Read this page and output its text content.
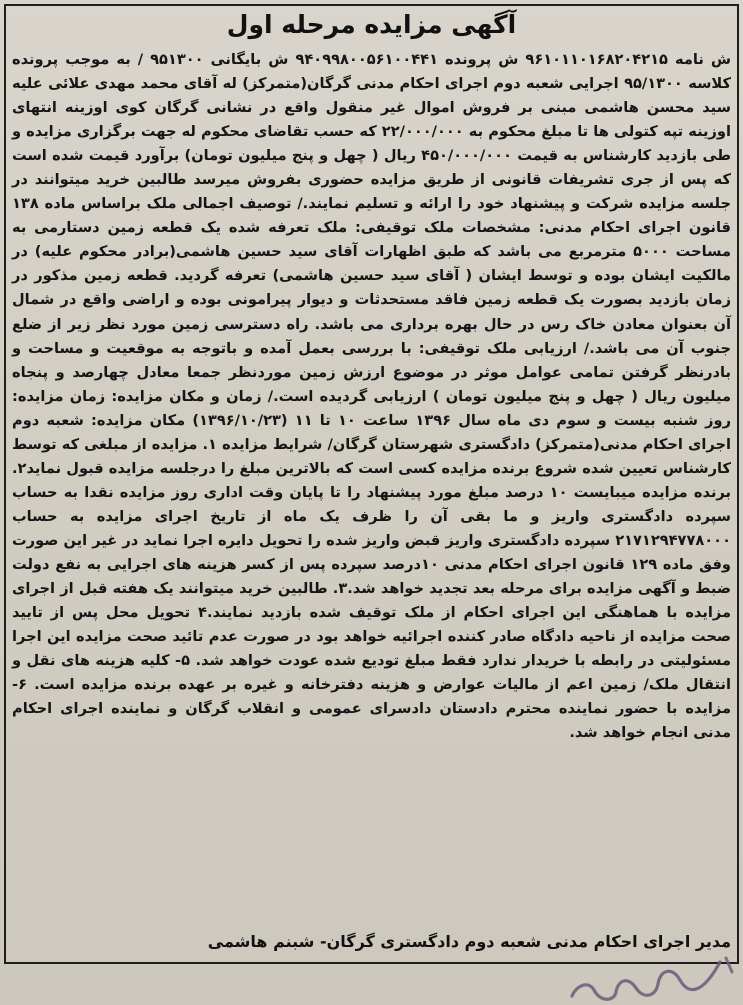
آگهی مزایده مرحله اول

ش نامه ۹۶۱۰۱۱۰۱۶۸۲۰۴۲۱۵ ش پرونده ۹۴۰۹۹۸۰۰۵۶۱۰۰۴۴۱ ش بایگانی ۹۵۱۳۰۰ / به موجب پرونده کلاسه ۹۵/۱۳۰۰ اجرایی شعبه دوم اجرای احکام مدنی گرگان(متمرکز) له آقای محمد مهدی علائی علیه سید محسن هاشمی مبنی بر فروش اموال غیر منقول واقع در نشانی گرگان کوی اوزینه انتهای اوزینه تپه کتولی ها تا مبلغ محکوم به ۲۲/۰۰۰/۰۰۰ که حسب تقاضای محکوم له جهت برگزاری مزایده و طی بازدید کارشناس به قیمت ۴۵۰/۰۰۰/۰۰۰ ریال ( چهل و پنج میلیون تومان) برآورد قیمت شده است که پس از جری تشریفات قانونی از طریق مزایده حضوری بفروش میرسد طالبین خرید میتوانند در جلسه مزایده شرکت و پیشنهاد خود را ارائه و تسلیم نمایند./ توصیف اجمالی ملک براساس ماده ۱۳۸ قانون اجرای احکام مدنی: مشخصات ملک توقیفی: ملک تعرفه شده یک قطعه زمین دستارمی به مساحت ۵۰۰۰ مترمربع می باشد که طبق اظهارات آقای سید حسین هاشمی(برادر محکوم علیه) در مالکیت ایشان بوده و توسط ایشان ( آقای سید حسین هاشمی) تعرفه گردید. قطعه زمین مذکور در زمان بازدید بصورت یک قطعه زمین فاقد مستحدثات و دیوار پیرامونی بوده و اراضی واقع در شمال آن بعنوان معادن خاک رس در حال بهره برداری می باشد. راه دسترسی زمین مورد نظر زیر از ضلع جنوب آن می باشد./ ارزیابی ملک توقیفی: با بررسی بعمل آمده و باتوجه به موقعیت و مساحت و بادرنظر گرفتن تمامی عوامل موثر در موضوع ارزش زمین موردنظر جمعا معادل چهارصد و پنجاه میلیون ریال ( چهل و پنج میلیون تومان ) ارزیابی گردیده است./ زمان و مکان مزایده: زمان مزایده: روز شنبه بیست و سوم دی ماه سال ۱۳۹۶ ساعت ۱۰ تا ۱۱ (۱۳۹۶/۱۰/۲۳) مکان مزایده: شعبه دوم اجرای احکام مدنی(متمرکز) دادگستری شهرستان گرگان/ شرایط مزایده ۱. مزایده از مبلغی که توسط کارشناس تعیین شده شروع برنده مزایده کسی است که بالاترین مبلغ را درجلسه مزایده قبول نماید۲. برنده مزایده میبایست ۱۰ درصد مبلغ مورد پیشنهاد را تا پایان وقت اداری روز مزایده نقدا به حساب سپرده دادگستری واریز و ما بقی آن را ظرف یک ماه از تاریخ اجرای مزایده به حساب ۲۱۷۱۲۹۴۷۷۸۰۰۰ سپرده دادگستری واریز قبض واریز شده را تحویل دایره اجرا نماید در غیر این صورت وفق ماده ۱۲۹ قانون اجرای احکام مدنی ۱۰درصد سپرده پس از کسر هزینه های اجرایی به نفع دولت ضبط و آگهی مزایده برای مرحله بعد تجدید خواهد شد.۳. طالبین خرید میتوانند یک هفته قبل از اجرای مزایده با هماهنگی این اجرای احکام از ملک توقیف شده بازدید نمایند.۴ تحویل محل پس از تایید صحت مزایده از ناحیه دادگاه صادر کننده اجرائیه خواهد بود در صورت عدم تائید صحت مزایده این اجرا مسئولیتی در رابطه با خریدار ندارد فقط مبلغ تودیع شده عودت خواهد شد. ۵- کلیه هزینه های نقل و انتقال ملک/ زمین اعم از مالیات عوارض و هزینه دفترخانه و غیره بر عهده برنده مزایده است. ۶- مزایده با حضور نماینده محترم دادستان دادسرای عمومی و انقلاب گرگان و نماینده اجرای احکام مدنی انجام خواهد شد.

مدیر اجرای احکام مدنی شعبه دوم دادگستری گرگان- شبنم هاشمی
